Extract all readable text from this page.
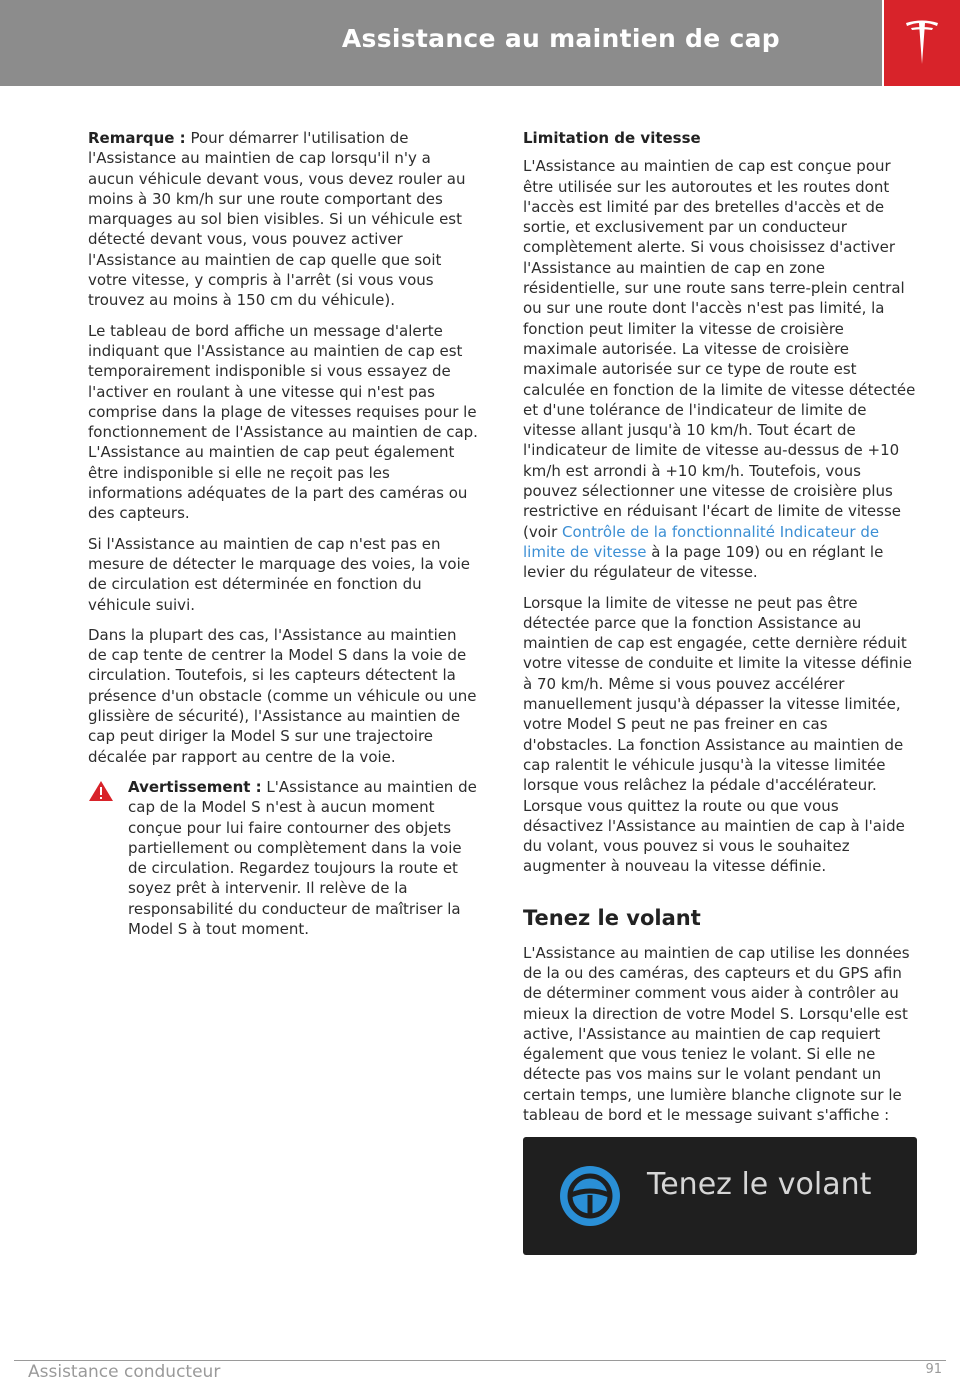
Assistance au maintien de cap

Remarque : Pour démarrer l'utilisation de l'Assistance au maintien de cap lorsqu'il n'y a aucun véhicule devant vous, vous devez rouler au moins à 30 km/h sur une route comportant des marquages au sol bien visibles. Si un véhicule est détecté devant vous, vous pouvez activer l'Assistance au maintien de cap quelle que soit votre vitesse, y compris à l'arrêt (si vous vous trouvez au moins à 150 cm du véhicule).

Le tableau de bord affiche un message d'alerte indiquant que l'Assistance au maintien de cap est temporairement indisponible si vous essayez de l'activer en roulant à une vitesse qui n'est pas comprise dans la plage de vitesses requises pour le fonctionnement de l'Assistance au maintien de cap. L'Assistance au maintien de cap peut également être indisponible si elle ne reçoit pas les informations adéquates de la part des caméras ou des capteurs.

Si l'Assistance au maintien de cap n'est pas en mesure de détecter le marquage des voies, la voie de circulation est déterminée en fonction du véhicule suivi.

Dans la plupart des cas, l'Assistance au maintien de cap tente de centrer la Model S dans la voie de circulation. Toutefois, si les capteurs détectent la présence d'un obstacle (comme un véhicule ou une glissière de sécurité), l'Assistance au maintien de cap peut diriger la Model S sur une trajectoire décalée par rapport au centre de la voie.

Avertissement : L'Assistance au maintien de cap de la Model S n'est à aucun moment conçue pour lui faire contourner des objets partiellement ou complètement dans la voie de circulation. Regardez toujours la route et soyez prêt à intervenir. Il relève de la responsabilité du conducteur de maîtriser la Model S à tout moment.

Limitation de vitesse

L'Assistance au maintien de cap est conçue pour être utilisée sur les autoroutes et les routes dont l'accès est limité par des bretelles d'accès et de sortie, et exclusivement par un conducteur complètement alerte. Si vous choisissez d'activer l'Assistance au maintien de cap en zone résidentielle, sur une route sans terre-plein central ou sur une route dont l'accès n'est pas limité, la fonction peut limiter la vitesse de croisière maximale autorisée. La vitesse de croisière maximale autorisée sur ce type de route est calculée en fonction de la limite de vitesse détectée et d'une tolérance de l'indicateur de limite de vitesse allant jusqu'à 10 km/h. Tout écart de l'indicateur de limite de vitesse au-dessus de +10 km/h est arrondi à +10 km/h. Toutefois, vous pouvez sélectionner une vitesse de croisière plus restrictive en réduisant l'écart de limite de vitesse (voir Contrôle de la fonctionnalité Indicateur de limite de vitesse à la page 109) ou en réglant le levier du régulateur de vitesse.

Lorsque la limite de vitesse ne peut pas être détectée parce que la fonction Assistance au maintien de cap est engagée, cette dernière réduit votre vitesse de conduite et limite la vitesse définie à 70 km/h. Même si vous pouvez accélérer manuellement jusqu'à dépasser la vitesse limitée, votre Model S peut ne pas freiner en cas d'obstacles. La fonction Assistance au maintien de cap ralentit le véhicule jusqu'à la vitesse limitée lorsque vous relâchez la pédale d'accélérateur. Lorsque vous quittez la route ou que vous désactivez l'Assistance au maintien de cap à l'aide du volant, vous pouvez si vous le souhaitez augmenter à nouveau la vitesse définie.

Tenez le volant

L'Assistance au maintien de cap utilise les données de la ou des caméras, des capteurs et du GPS afin de déterminer comment vous aider à contrôler au mieux la direction de votre Model S. Lorsqu'elle est active, l'Assistance au maintien de cap requiert également que vous teniez le volant. Si elle ne détecte pas vos mains sur le volant pendant un certain temps, une lumière blanche clignote sur le tableau de bord et le message suivant s'affiche :

Tenez le volant
Assistance conducteur	91
